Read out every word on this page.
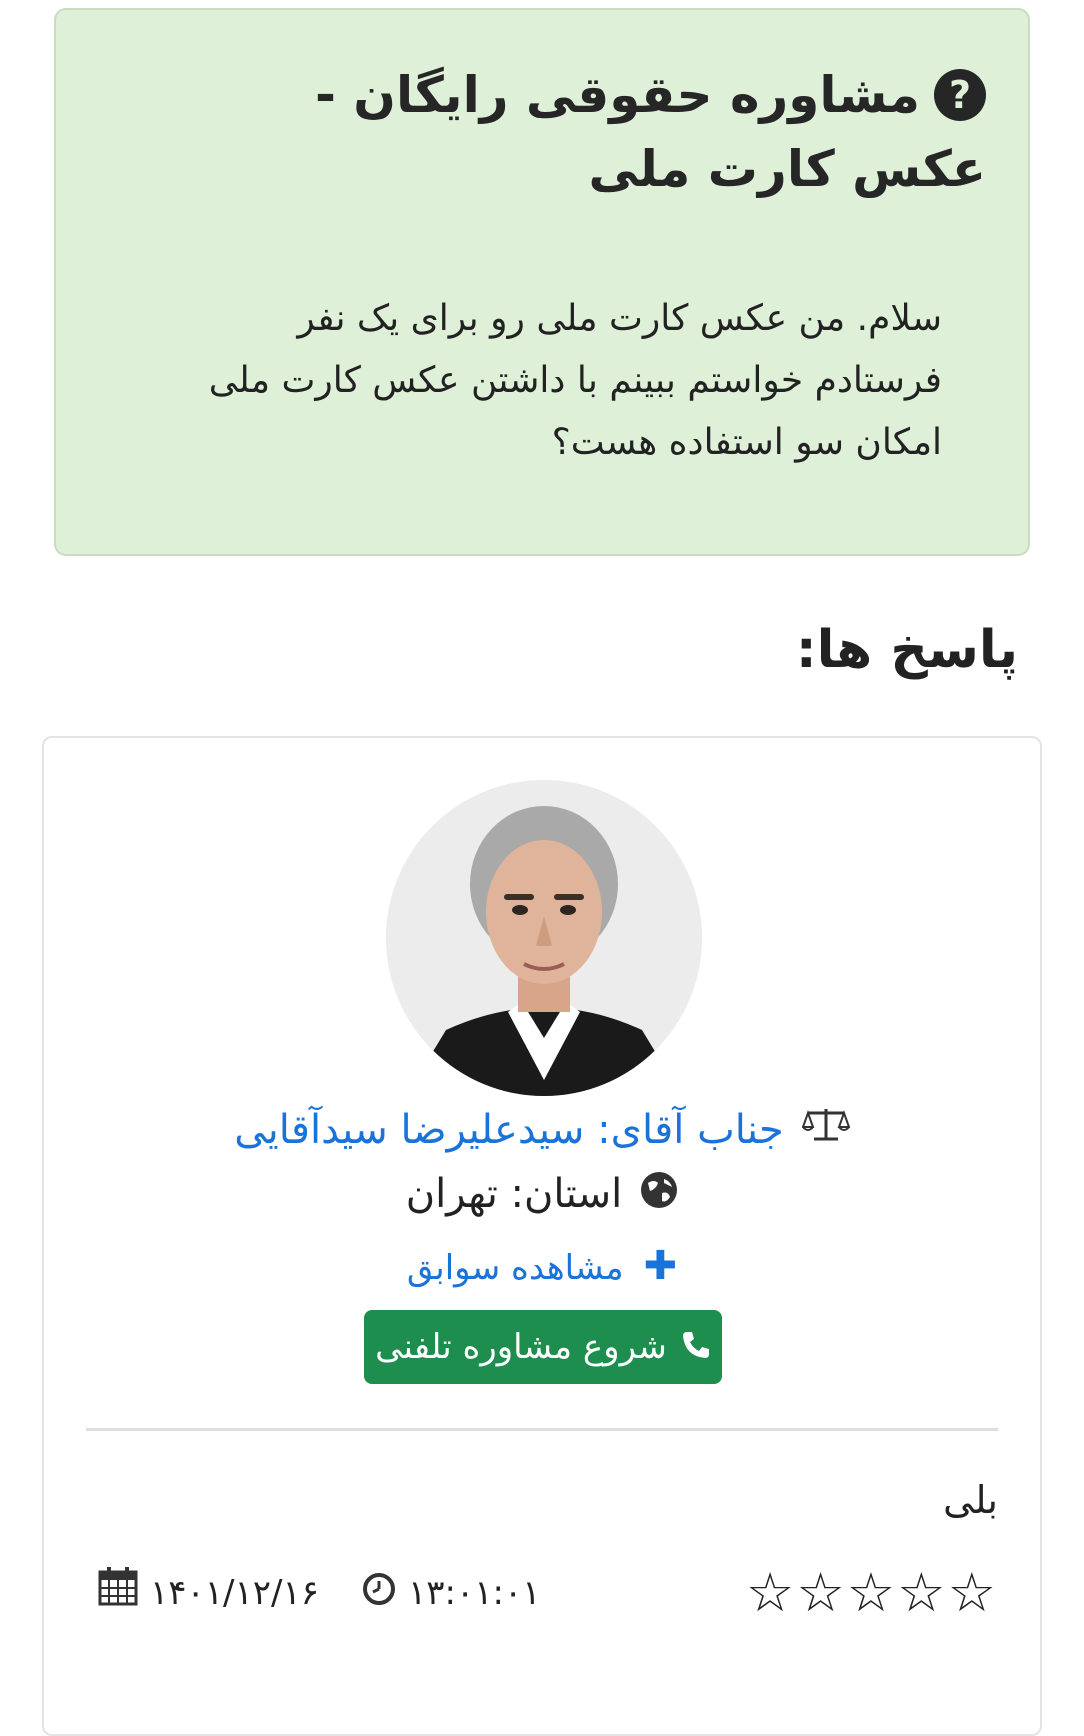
?مشاوره حقوقی رایگان - عکس کارت ملی
سلام. من عکس کارت ملی رو برای یک نفر فرستادم خواستم ببینم با داشتن عکس کارت ملی امکان سو استفاده هست؟
پاسخ ها:
جناب آقای: سیدعلیرضا سیدآقایی
استان: تهران
✚مشاهده سوابق
شروع مشاوره تلفنی
بلی
☆☆☆☆☆
۱۳:۰۱:۰۱
۱۴۰۱/۱۲/۱۶
